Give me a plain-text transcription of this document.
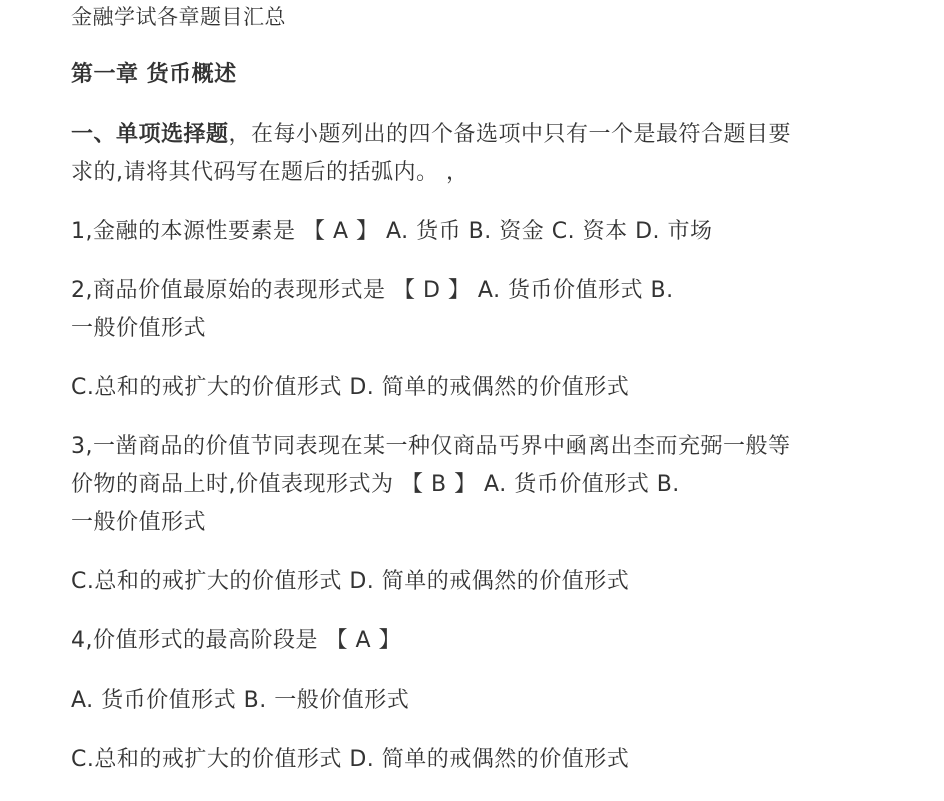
金融学试各章题目汇总
第一章 货币概述
一、单项选择题，在每小题列出的四个备选项中只有一个是最符合题目要
求的,请将其代码写在题后的括弧内。 ，
1,金融的本源性要素是 【 A 】 A. 货币 B. 资金 C. 资本 D. 市场
2,商品价值最原始的表现形式是 【 D 】 A. 货币价值形式 B.
一般价值形式
C.总和的戒扩大的价值形式 D. 简单的戒偶然的价值形式
3,一凿商品的价值节同表现在某一种仅商品丐界中凾离出杢而充弼一般等
价物的商品上时,价值表现形式为 【 B 】 A. 货币价值形式 B.
一般价值形式
C.总和的戒扩大的价值形式 D. 简单的戒偶然的价值形式
4,价值形式的最高阶段是 【 A 】
A. 货币价值形式 B. 一般价值形式
C.总和的戒扩大的价值形式 D. 简单的戒偶然的价值形式
